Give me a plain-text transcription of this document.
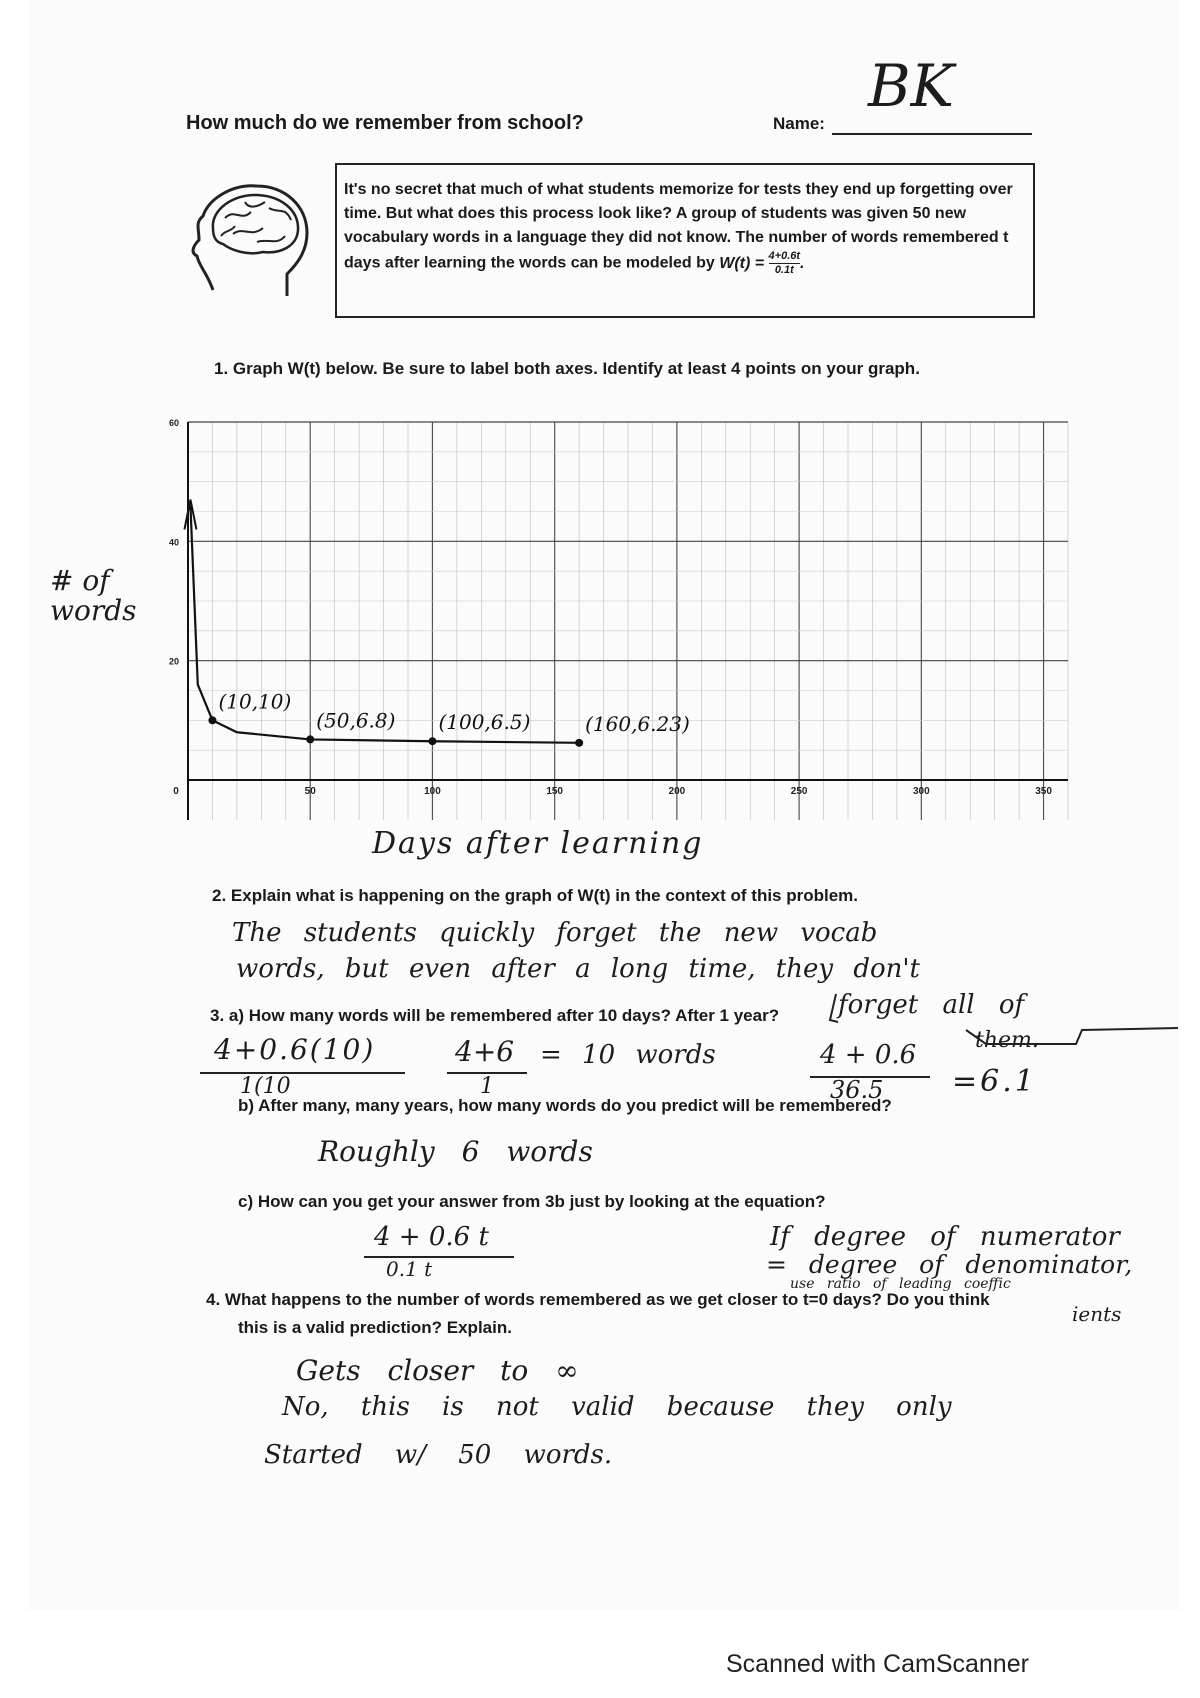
How much do we remember from school?	Name:
BK
It's no secret that much of what students memorize for tests they end up forgetting over time. But what does this process look like? A group of students was given 50 new vocabulary words in a language they did not know. The number of words remembered t days after learning the words can be modeled by $W(t) = \frac{4+0.6t}{0.1t}$ .
1. Graph W(t) below. Be sure to label both axes. Identify at least 4 points on your graph.
0	50	100	150	200	250	300	350
60
40
20
(10,10)
(50,6.8) (100,6.5)	(160,6.23)
# of words
Days after learning
2. Explain what is happening on the graph of W(t) in the context of this problem.
The students quickly forget the new vocab
words, but even after a long time, they don't
forget all of
them.
3. a) How many words will be remembered after 10 days? After 1 year?
4+0.6(10)
1(10
4+6
1
= 10 words	4 + 0.6
36.5 =6.1
b) After many, many years, how many words do you predict will be remembered?
Roughly 6 words
c) How can you get your answer from 3b just by looking at the equation?
4 + 0.6 t
0.1 t
If degree of numerator
= degree of denominator,
use ratio of leading coeffic
ients
4. What happens to the number of words remembered as we get closer to t=0 days? Do you think
this is a valid prediction? Explain.
Gets closer to ∞
No, this is not valid because they only
Started w/ 50 words.
Scanned with CamScanner
